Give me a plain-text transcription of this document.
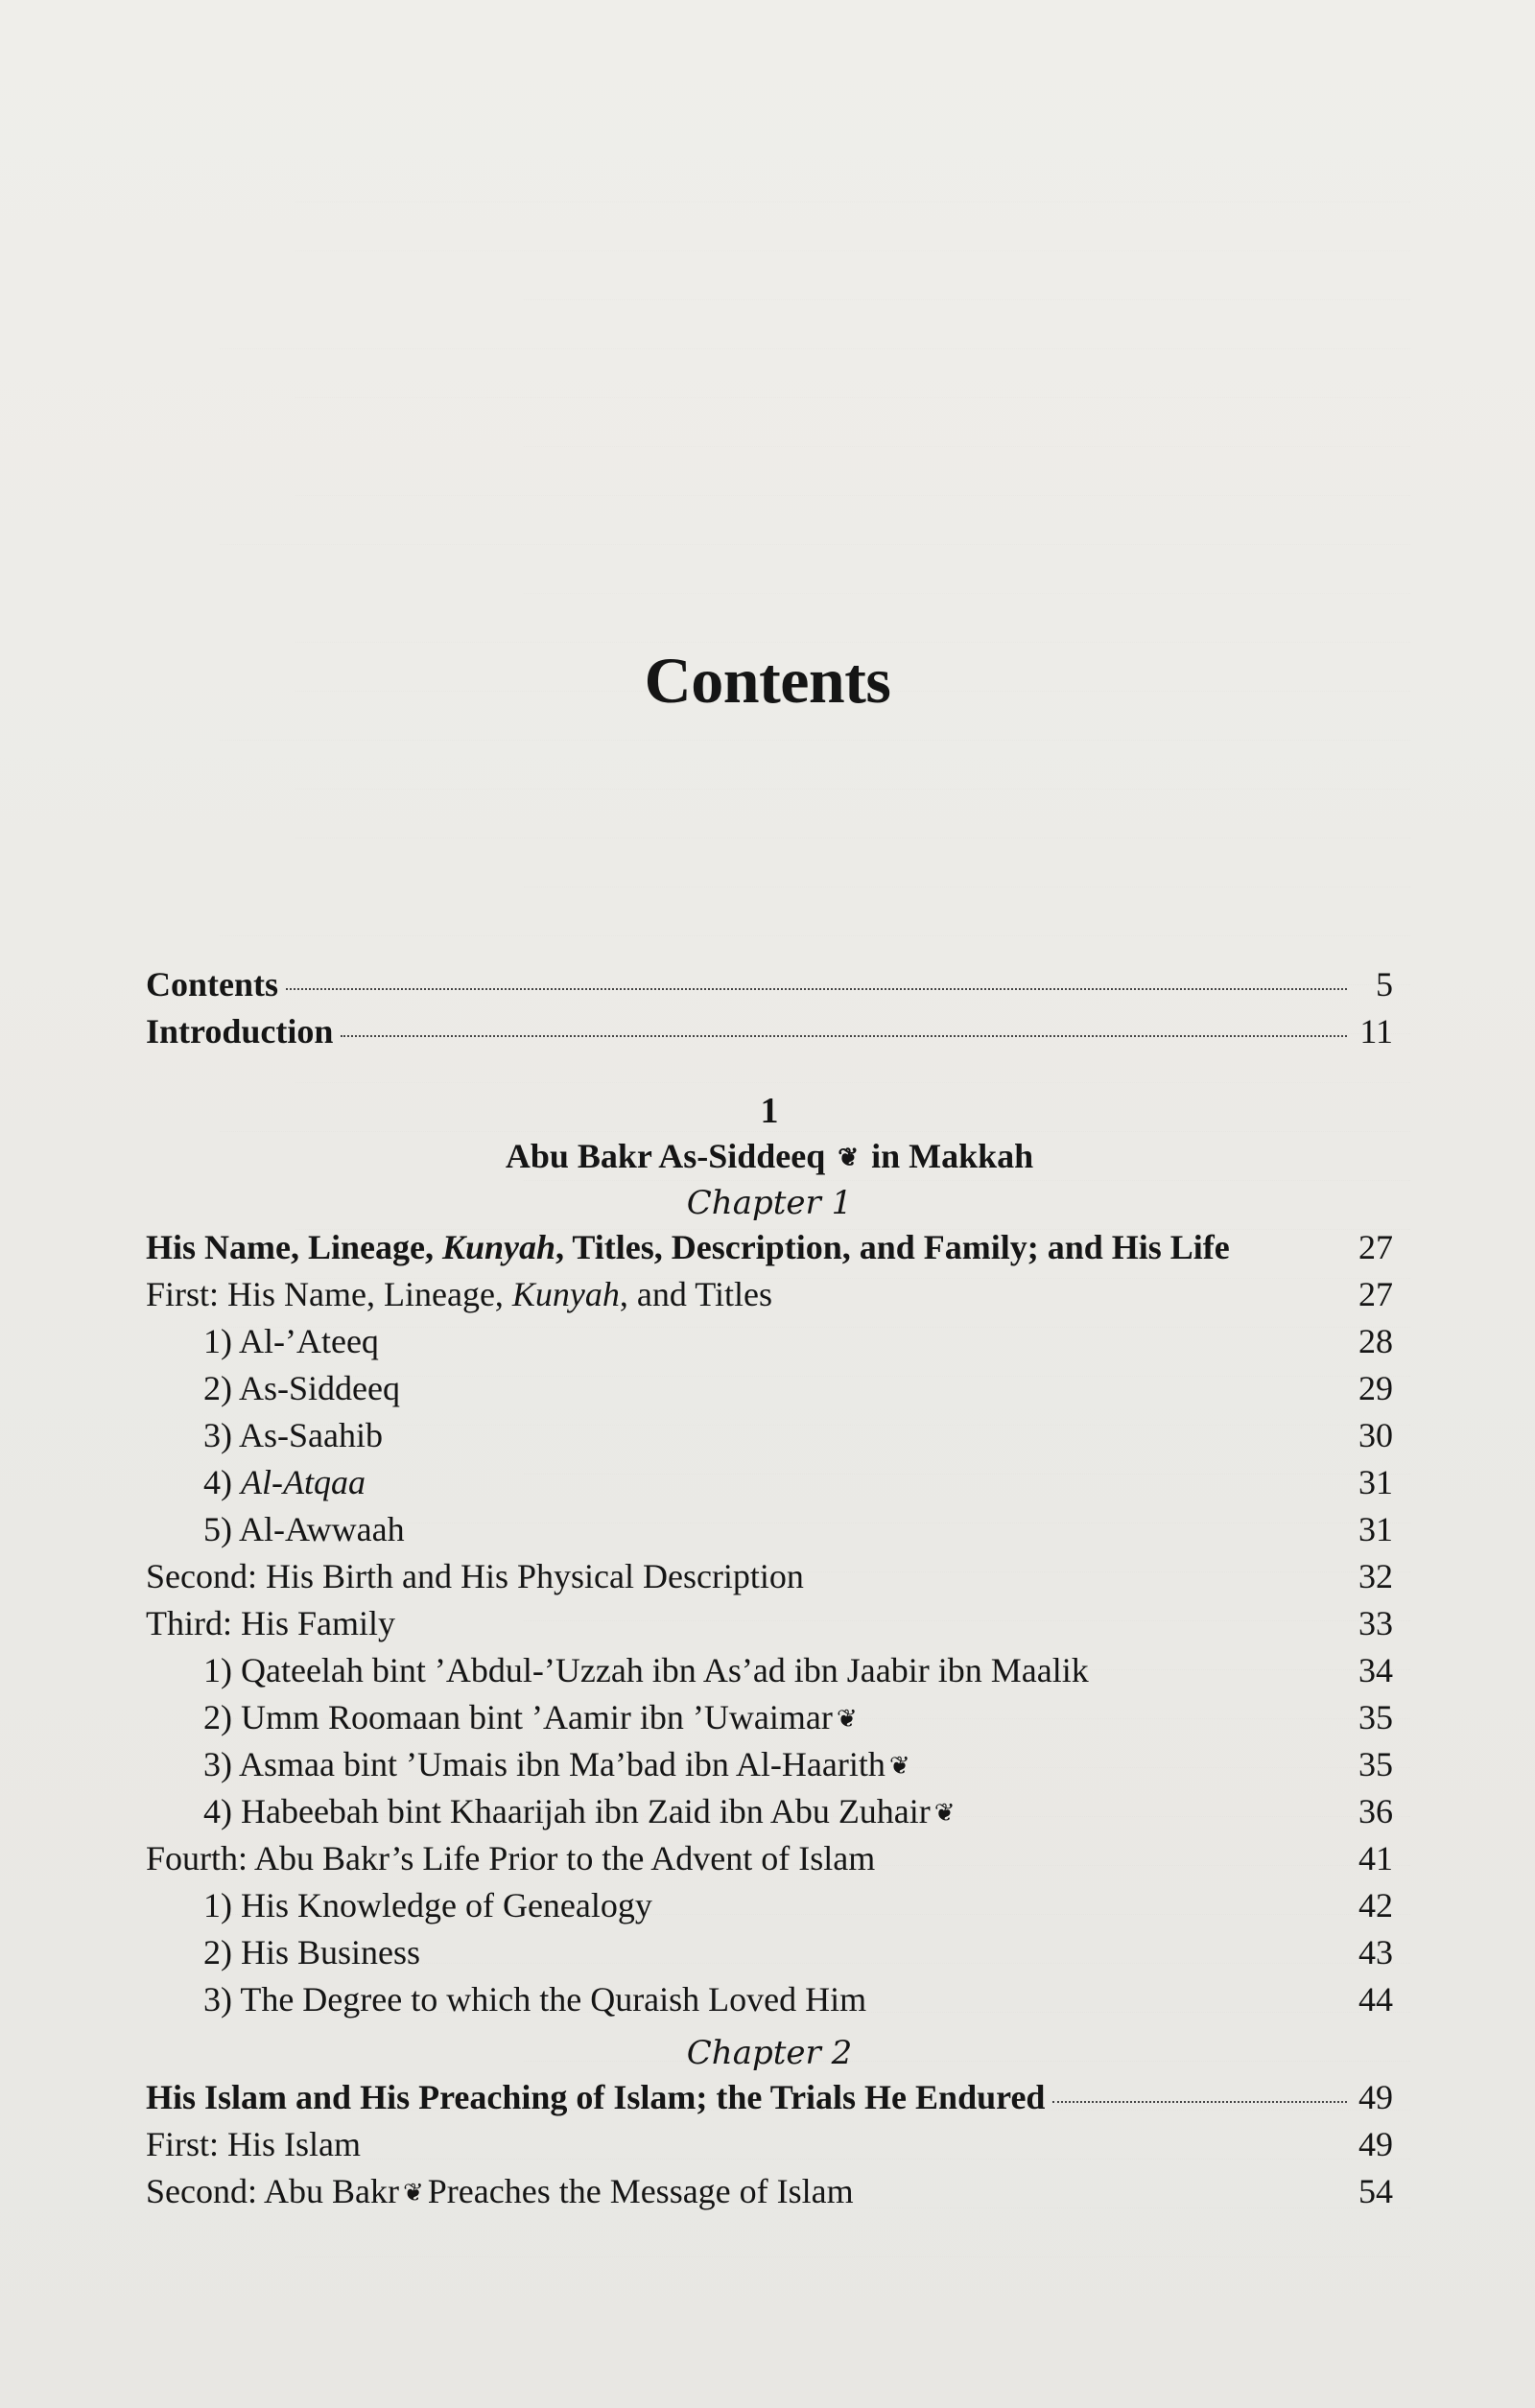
Contents
Contents	5
Introduction	11
1
Abu Bakr As-Siddeeq ❦ in Makkah
Chapter 1
His Name, Lineage, Kunyah, Titles, Description, and Family; and His Life	27
First: His Name, Lineage, Kunyah, and Titles	27
1) Al-’Ateeq	28
2) As-Siddeeq	29
3) As-Saahib	30
4) Al-Atqaa	31
5) Al-Awwaah	31
Second: His Birth and His Physical Description	32
Third: His Family	33
1) Qateelah bint ’Abdul-’Uzzah ibn As’ad ibn Jaabir ibn Maalik	34
2) Umm Roomaan bint ’Aamir ibn ’Uwaimar ❦	35
3) Asmaa bint ’Umais ibn Ma’bad ibn Al-Haarith ❦	35
4) Habeebah bint Khaarijah ibn Zaid ibn Abu Zuhair ❦	36
Fourth: Abu Bakr’s Life Prior to the Advent of Islam	41
1) His Knowledge of Genealogy	42
2) His Business	43
3) The Degree to which the Quraish Loved Him	44
Chapter 2
His Islam and His Preaching of Islam; the Trials He Endured	49
First: His Islam	49
Second: Abu Bakr ❦ Preaches the Message of Islam	54
